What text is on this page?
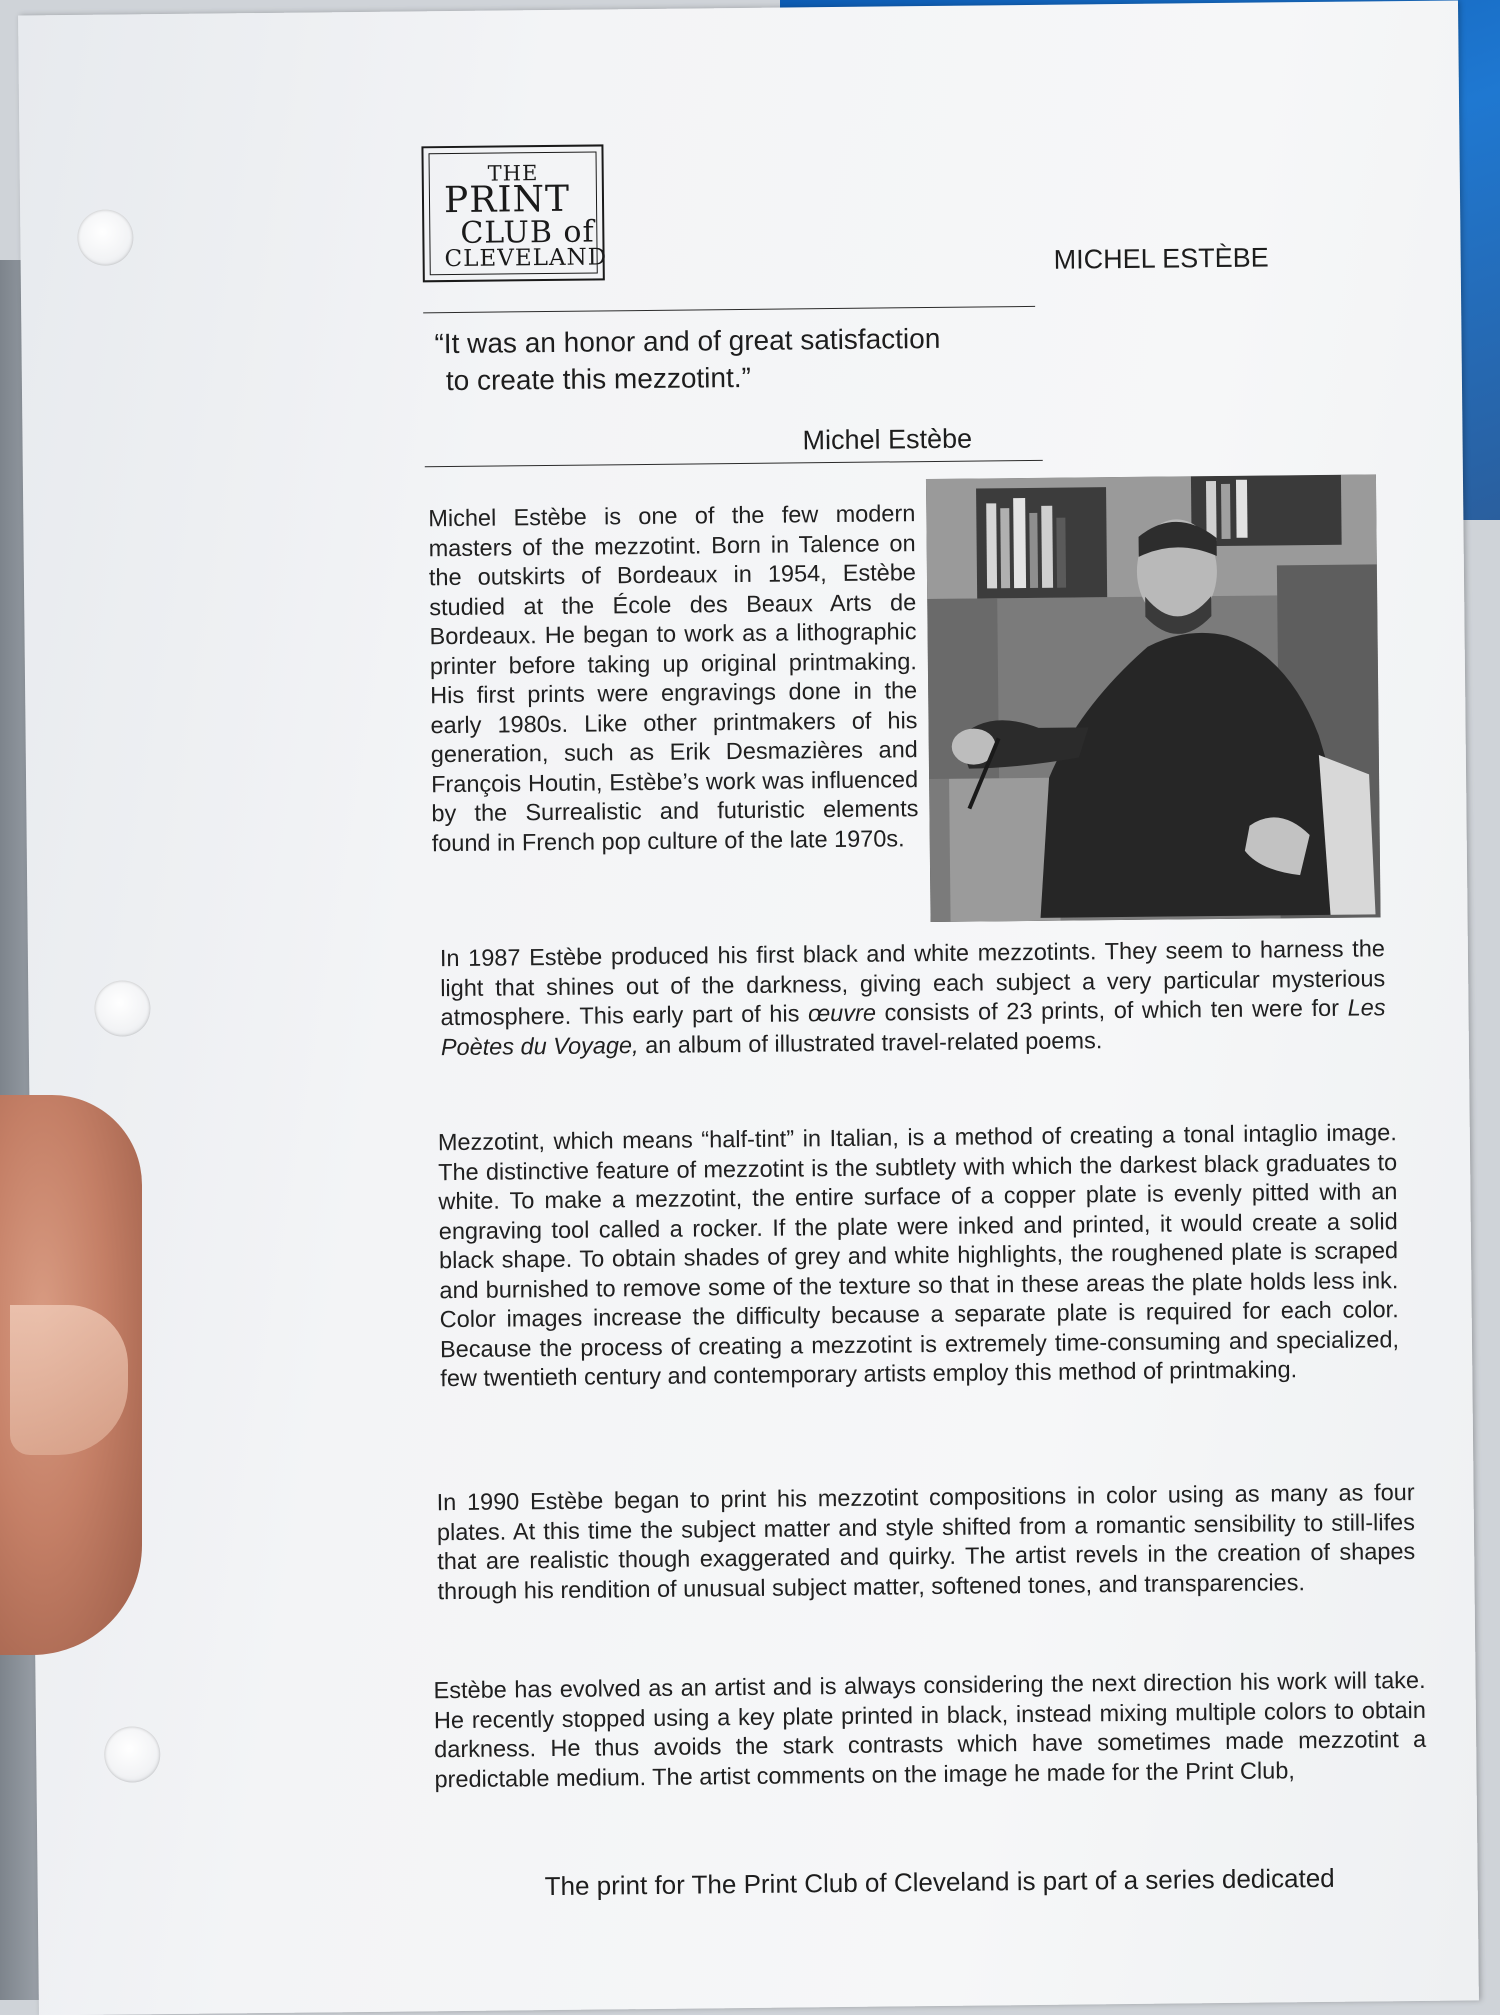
THE
PRINT
CLUB of
CLEVELAND	MICHEL ESTÈBE
“It was an honor and of great satisfaction
to create this mezzotint.”
Michel Estèbe

Michel Estèbe is one of the few modern masters of the mezzotint. Born in Talence on the outskirts of Bordeaux in 1954, Estèbe studied at the École des Beaux Arts de Bordeaux. He began to work as a lithographic printer before taking up original printmaking. His first prints were engravings done in the early 1980s. Like other printmakers of his generation, such as Erik Desmazières and François Houtin, Estèbe’s work was influenced by the Surrealistic and futuristic elements found in French pop culture of the late 1970s.

In 1987 Estèbe produced his first black and white mezzotints. They seem to harness the light that shines out of the darkness, giving each subject a very particular mysterious atmosphere. This early part of his œuvre consists of 23 prints, of which ten were for Les Poètes du Voyage, an album of illustrated travel-related poems.

Mezzotint, which means “half-tint” in Italian, is a method of creating a tonal intaglio image. The distinctive feature of mezzotint is the subtlety with which the darkest black graduates to white. To make a mezzotint, the entire surface of a copper plate is evenly pitted with an engraving tool called a rocker. If the plate were inked and printed, it would create a solid black shape. To obtain shades of grey and white highlights, the roughened plate is scraped and burnished to remove some of the texture so that in these areas the plate holds less ink. Color images increase the difficulty because a separate plate is required for each color. Because the process of creating a mezzotint is extremely time-consuming and specialized, few twentieth century and contemporary artists employ this method of printmaking.

In 1990 Estèbe began to print his mezzotint compositions in color using as many as four plates. At this time the subject matter and style shifted from a romantic sensibility to still-lifes that are realistic though exaggerated and quirky. The artist revels in the creation of shapes through his rendition of unusual subject matter, softened tones, and transparencies.

Estèbe has evolved as an artist and is always considering the next direction his work will take. He recently stopped using a key plate printed in black, instead mixing multiple colors to obtain darkness. He thus avoids the stark contrasts which have sometimes made mezzotint a predictable medium. The artist comments on the image he made for the Print Club,

The print for The Print Club of Cleveland is part of a series dedicated
